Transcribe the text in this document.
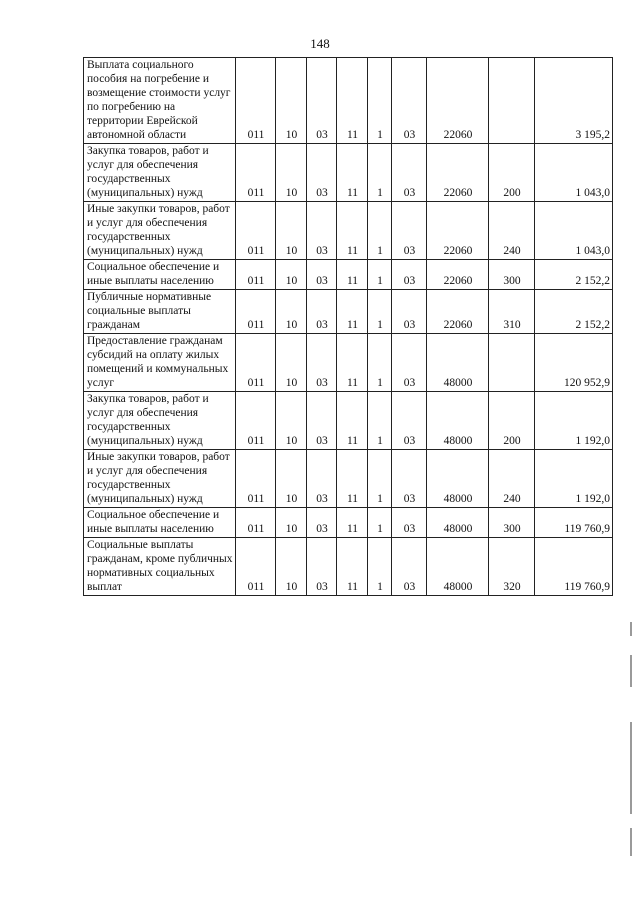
148
Выплата социального пособия на погребение и возмещение стоимости услуг по погребению на территории Еврейской автономной области	011	10	03	11	1	03	22060		3 195,2
Закупка товаров, работ и услуг для обеспечения государственных (муниципальных) нужд	011	10	03	11	1	03	22060	200	1 043,0
Иные закупки товаров, работ и услуг для обеспечения государственных (муниципальных) нужд	011	10	03	11	1	03	22060	240	1 043,0
Социальное обеспечение и иные выплаты населению	011	10	03	11	1	03	22060	300	2 152,2
Публичные нормативные социальные выплаты гражданам	011	10	03	11	1	03	22060	310	2 152,2
Предоставление гражданам субсидий на оплату жилых помещений и коммунальных услуг	011	10	03	11	1	03	48000		120 952,9
Закупка товаров, работ и услуг для обеспечения государственных (муниципальных) нужд	011	10	03	11	1	03	48000	200	1 192,0
Иные закупки товаров, работ и услуг для обеспечения государственных (муниципальных) нужд	011	10	03	11	1	03	48000	240	1 192,0
Социальное обеспечение и иные выплаты населению	011	10	03	11	1	03	48000	300	119 760,9
Социальные выплаты гражданам, кроме публичных нормативных социальных выплат	011	10	03	11	1	03	48000	320	119 760,9
